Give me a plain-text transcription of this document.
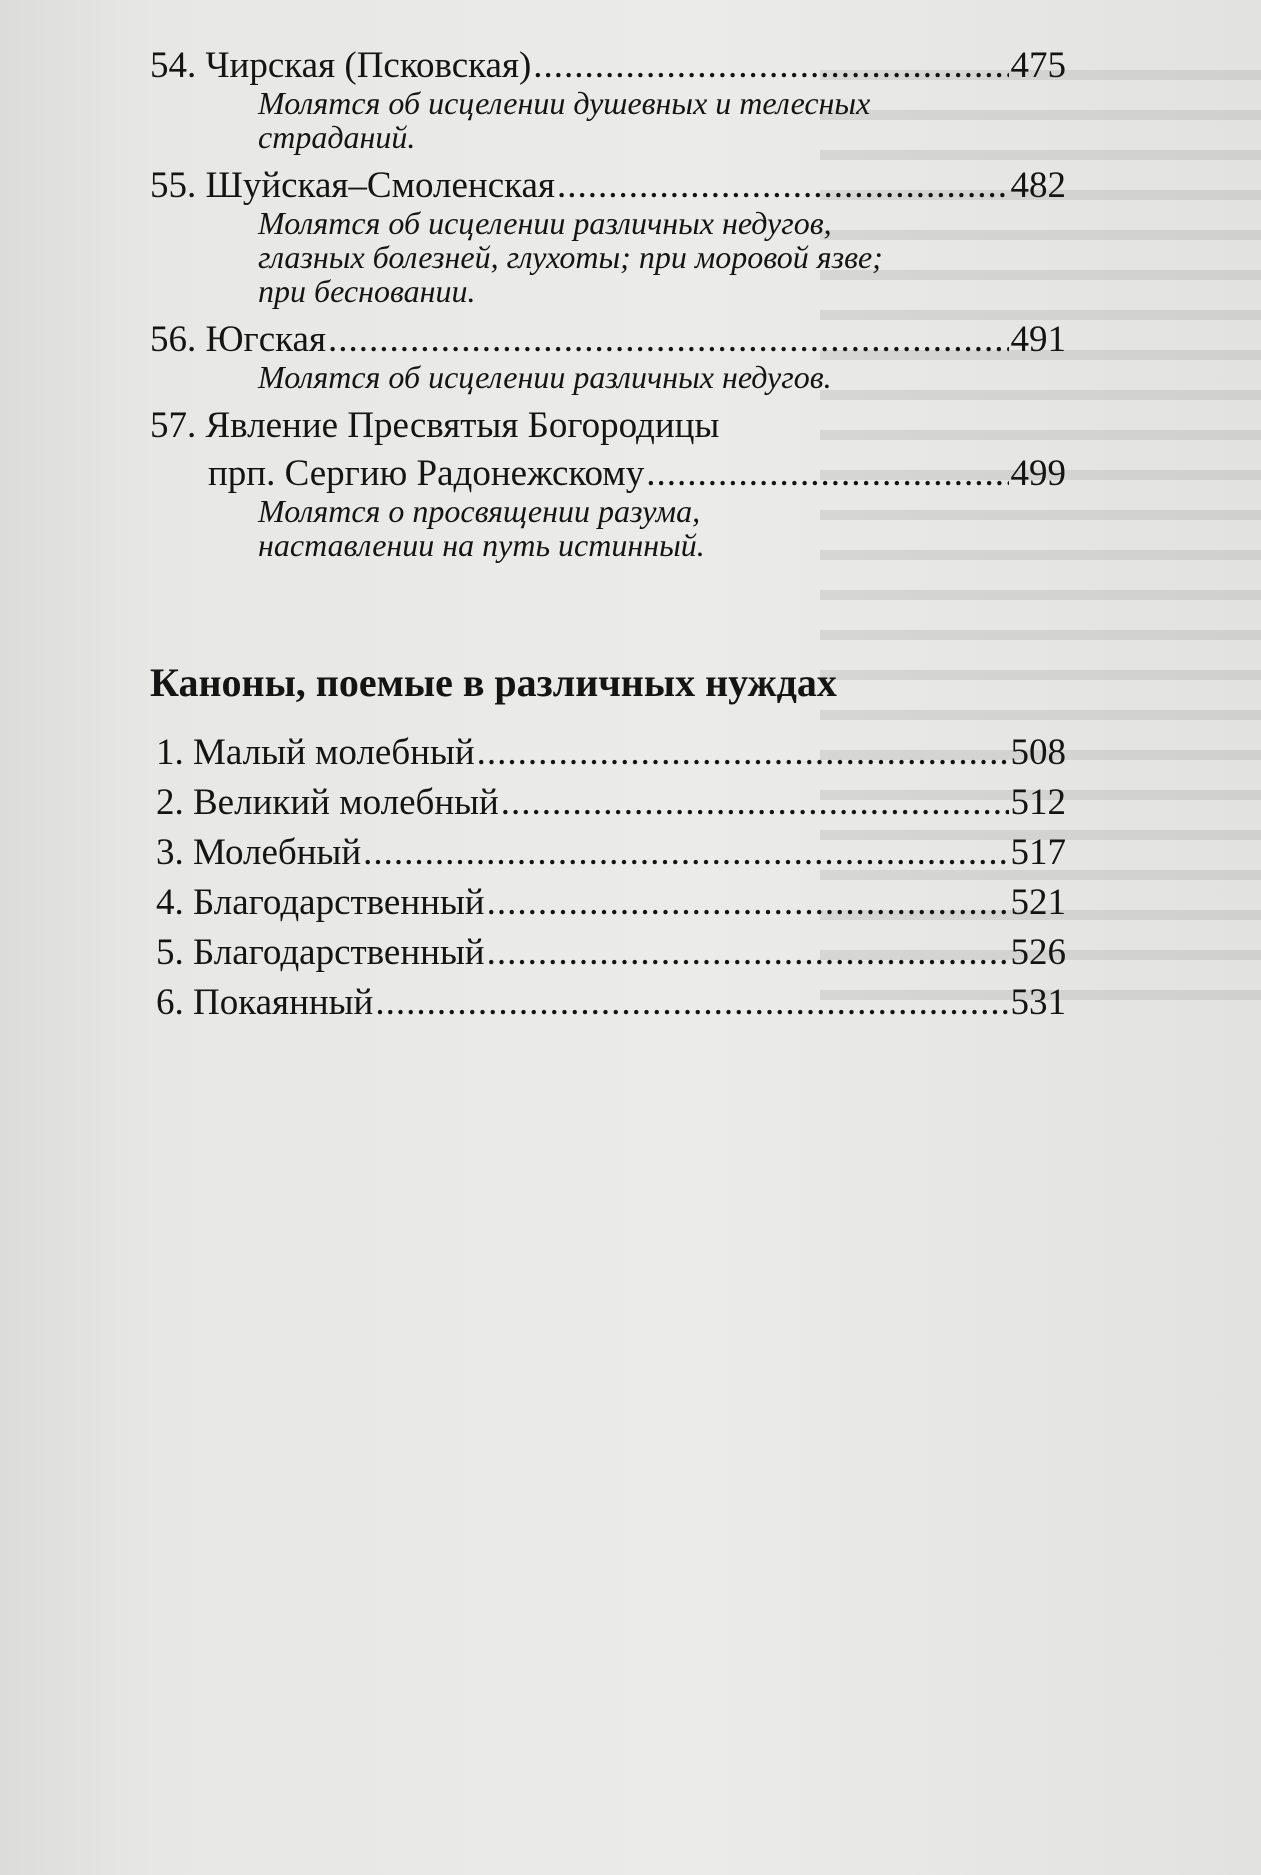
54. Чирская (Псковская) .....	475
Молятся об исцелении душевных и телесных
страданий.
55. Шуйская–Смоленская .....	482
Молятся об исцелении различных недугов,
глазных болезней, глухоты; при моровой язве;
при беснoвании.
56. Югская .....	491
Молятся об исцелении различных недугов.
57. Явление Пресвятыя Богородицы
прп. Сергию Радонежскому .....	499
Молятся о просвящении разума,
наставлении на путь истинный.
Каноны, поемые в различных нуждах
1. Малый молебный .....	508
2. Великий молебный .....	512
3. Молебный .....	517
4. Благодарственный .....	521
5. Благодарственный .....	526
6. Покаянный .....	531
